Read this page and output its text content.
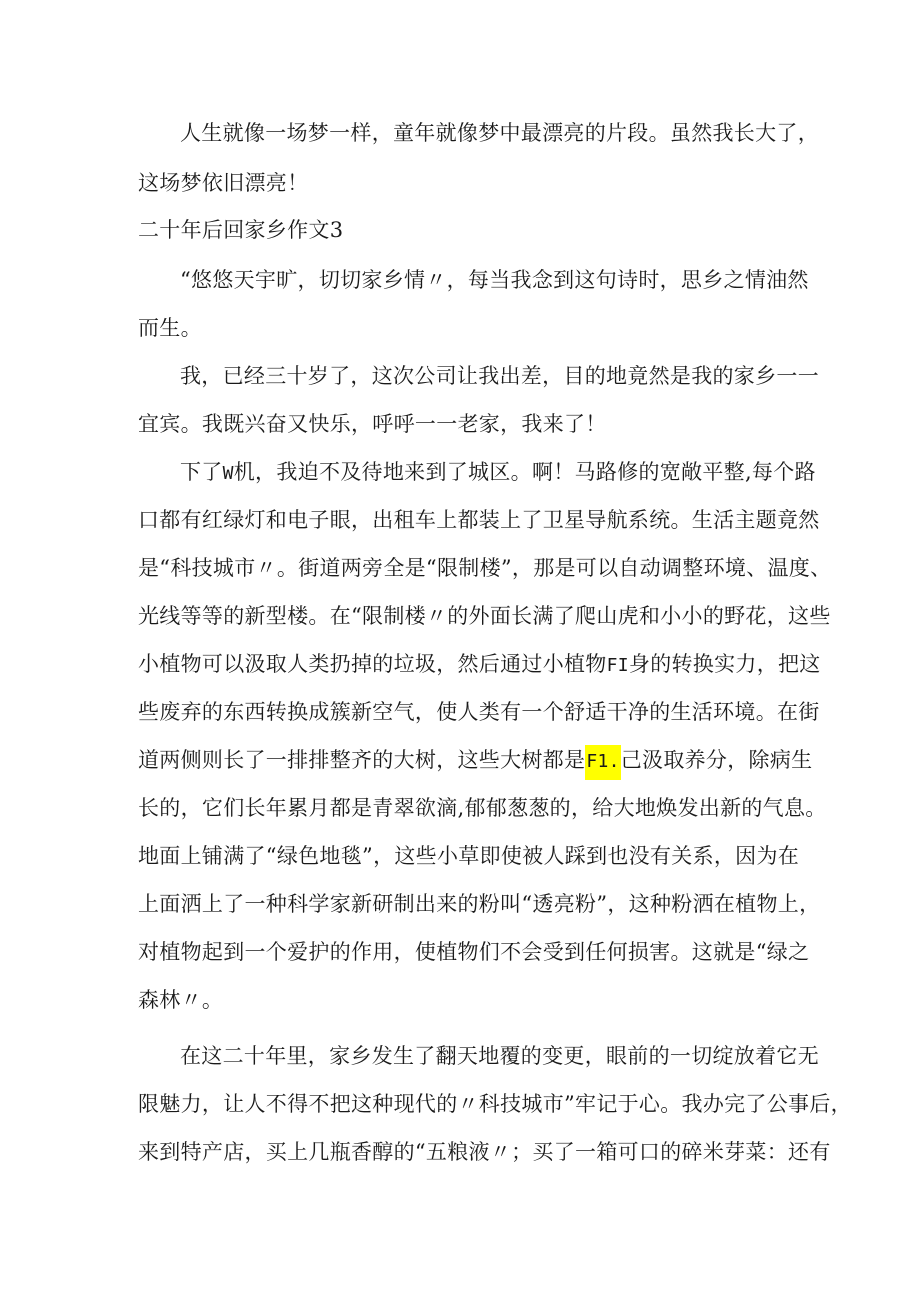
人生就像一场梦一样，童年就像梦中最漂亮的片段。虽然我长大了，
这场梦依旧漂亮！
二十年后回家乡作文3
“悠悠天宇旷，切切家乡情〃，每当我念到这句诗时，思乡之情油然
而生。
我，已经三十岁了，这次公司让我出差，目的地竟然是我的家乡一一
宜宾。我既兴奋又快乐，呼呼一一老家，我来了！
下了W机，我迫不及待地来到了城区。啊！马路修的宽敞平整,每个路
口都有红绿灯和电子眼，出租车上都装上了卫星导航系统。生活主题竟然
是“科技城市〃。街道两旁全是“限制楼”，那是可以自动调整环境、温度、
光线等等的新型楼。在“限制楼〃的外面长满了爬山虎和小小的野花，这些
小植物可以汲取人类扔掉的垃圾，然后通过小植物FI身的转换实力，把这
些废弃的东西转换成簇新空气，使人类有一个舒适干净的生活环境。在街
道两侧则长了一排排整齐的大树，这些大树都是F1.己汲取养分，除病生
长的，它们长年累月都是青翠欲滴,郁郁葱葱的，给大地焕发出新的气息。
地面上铺满了“绿色地毯”，这些小草即使被人踩到也没有关系，因为在
上面洒上了一种科学家新研制出来的粉叫“透亮粉”，这种粉洒在植物上，
对植物起到一个爱护的作用，使植物们不会受到任何损害。这就是“绿之
森林〃。
在这二十年里，家乡发生了翻天地覆的变更，眼前的一切绽放着它无
限魅力，让人不得不把这种现代的〃科技城市”牢记于心。我办完了公事后，
来到特产店，买上几瓶香醇的“五粮液〃；买了一箱可口的碎米芽菜：还有
